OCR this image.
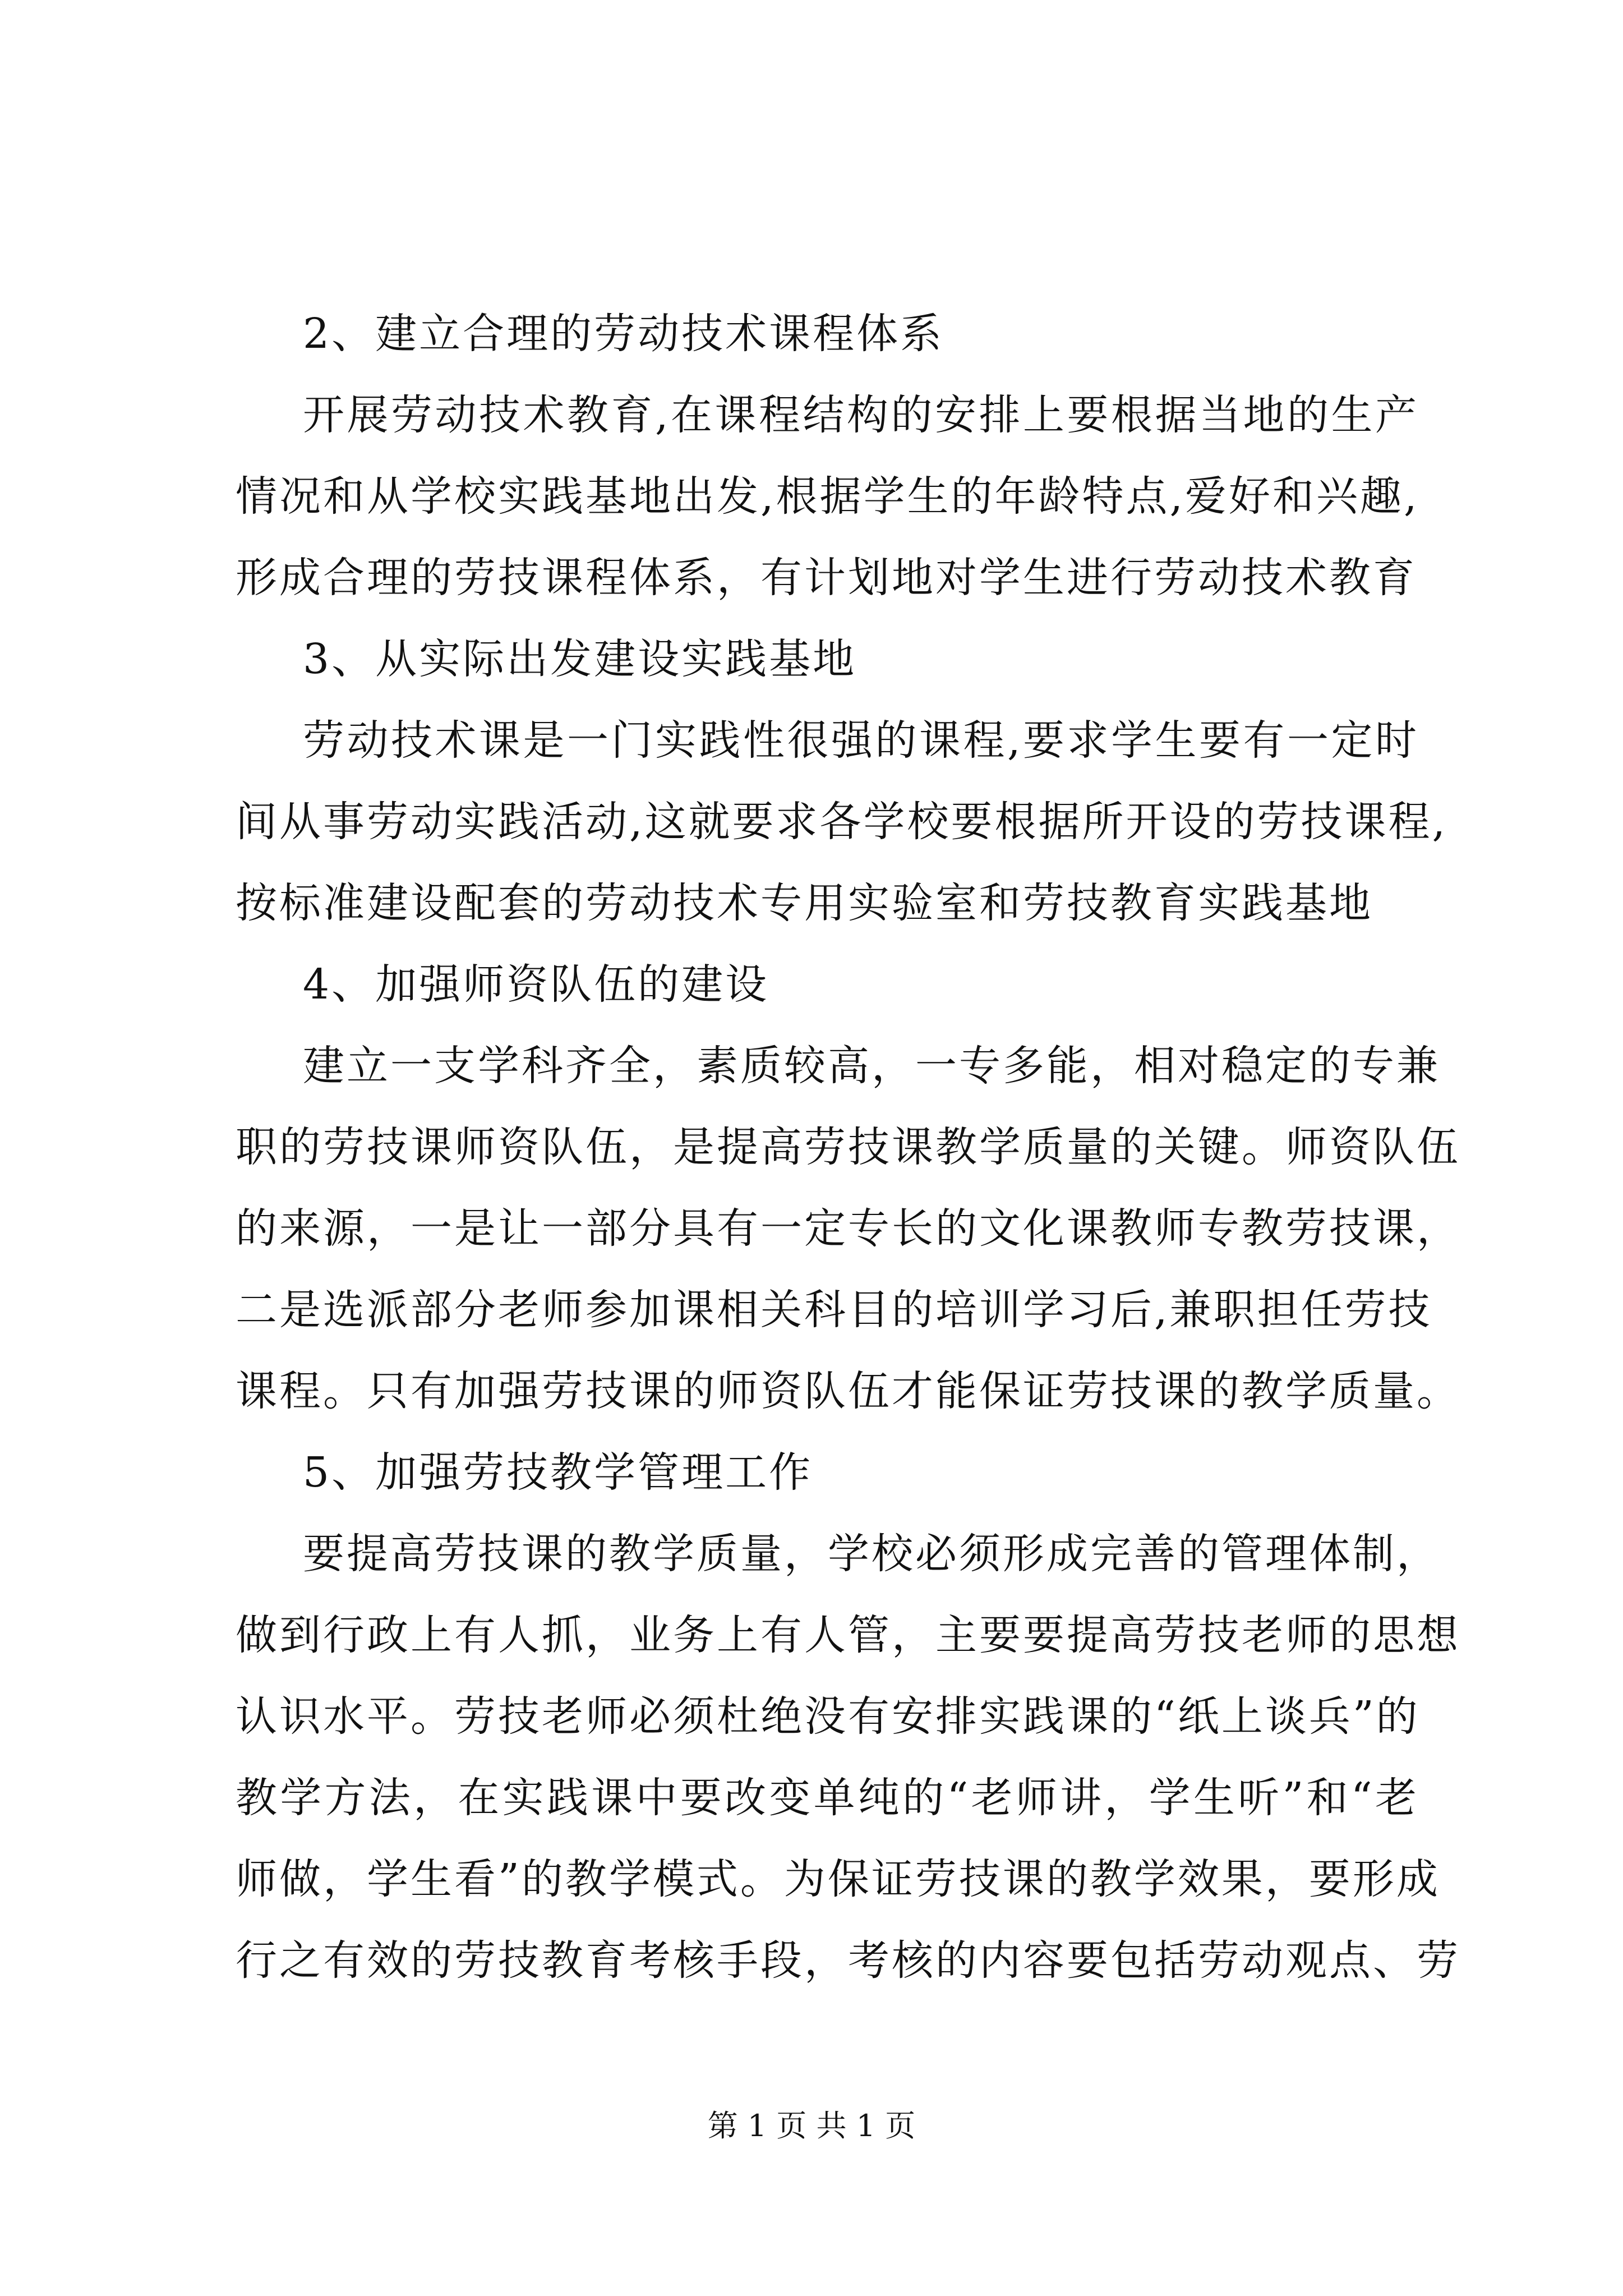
2、建立合理的劳动技术课程体系
开展劳动技术教育,在课程结构的安排上要根据当地的生产
情况和从学校实践基地出发,根据学生的年龄特点,爱好和兴趣,
形成合理的劳技课程体系，有计划地对学生进行劳动技术教育
3、从实际出发建设实践基地
劳动技术课是一门实践性很强的课程,要求学生要有一定时
间从事劳动实践活动,这就要求各学校要根据所开设的劳技课程,
按标准建设配套的劳动技术专用实验室和劳技教育实践基地
4、加强师资队伍的建设
建立一支学科齐全，素质较高，一专多能，相对稳定的专兼
职的劳技课师资队伍，是提高劳技课教学质量的关键。师资队伍
的来源，一是让一部分具有一定专长的文化课教师专教劳技课，
二是选派部分老师参加课相关科目的培训学习后,兼职担任劳技
课程。只有加强劳技课的师资队伍才能保证劳技课的教学质量。
5、加强劳技教学管理工作
要提高劳技课的教学质量，学校必须形成完善的管理体制，
做到行政上有人抓，业务上有人管，主要要提高劳技老师的思想
认识水平。劳技老师必须杜绝没有安排实践课的“纸上谈兵”的
教学方法，在实践课中要改变单纯的“老师讲，学生听”和“老
师做，学生看”的教学模式。为保证劳技课的教学效果，要形成
行之有效的劳技教育考核手段，考核的内容要包括劳动观点、劳
第 1 页 共 1 页
